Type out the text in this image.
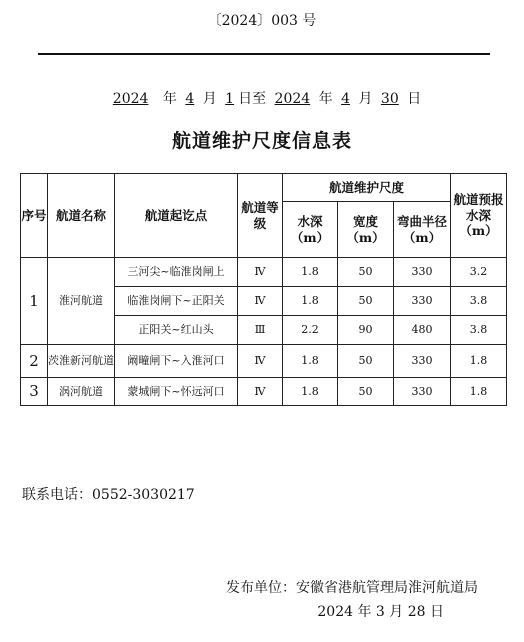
〔2024〕003 号
2024 年 4 月 1 日至 2024 年 4 月 30 日
航道维护尺度信息表
序号	航道名称	航道起讫点	航道等级	航道维护尺度			航道预报水深（m）
				水深（m）	宽度（m）	弯曲半径（m）	
1	淮河航道	三河尖~临淮岗闸上	Ⅳ	1.8	50	330	3.2
		临淮岗闸下~正阳关	Ⅳ	1.8	50	330	3.8
		正阳关~红山头	Ⅲ	2.2	90	480	3.8
2	茨淮新河航道	阚疃闸下~入淮河口	Ⅳ	1.8	50	330	1.8
3	涡河航道	蒙城闸下~怀远河口	Ⅳ	1.8	50	330	1.8
联系电话：0552-3030217
发布单位：安徽省港航管理局淮河航道局
2024 年 3 月 28 日
